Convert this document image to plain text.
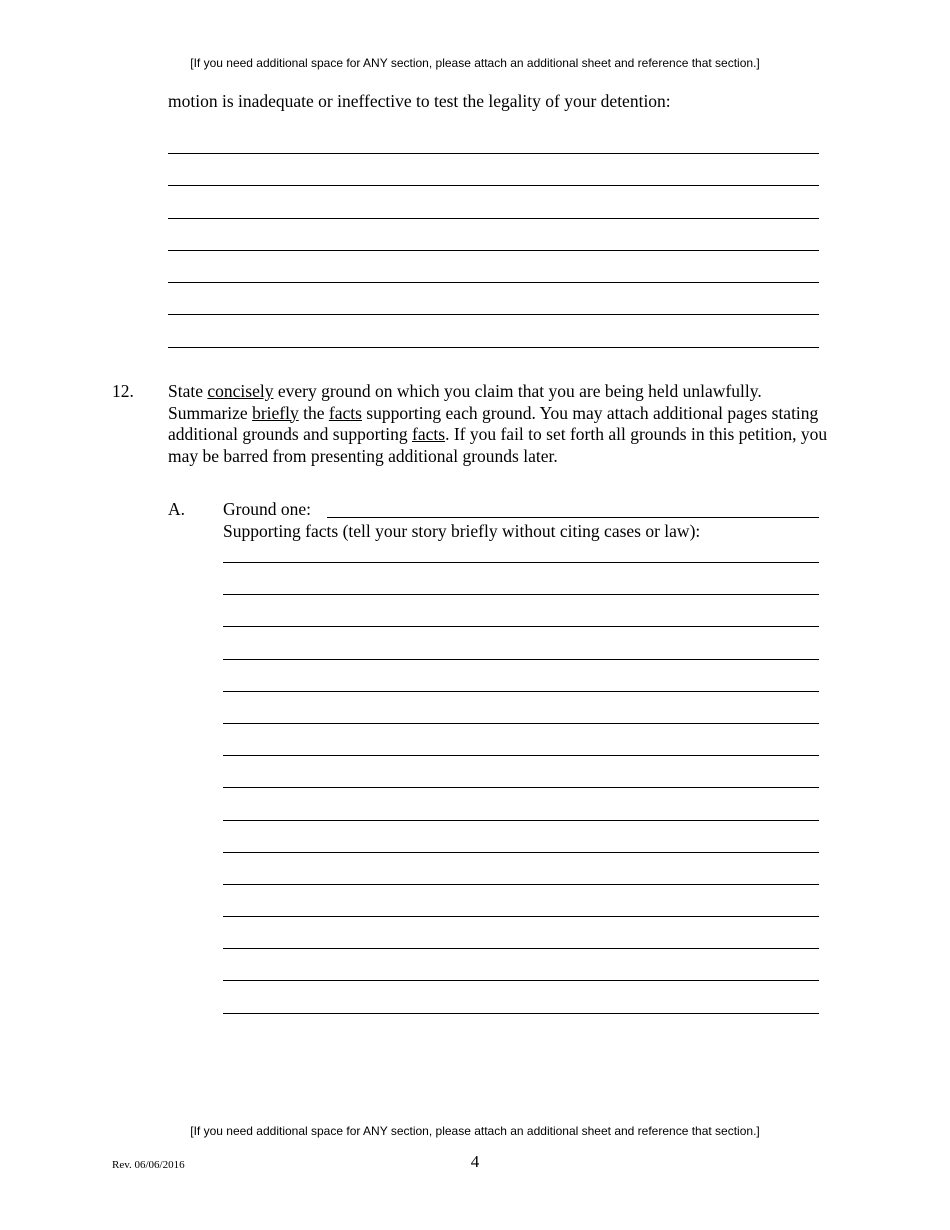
[If you need additional space for ANY section, please attach an additional sheet and reference that section.]
motion is inadequate or ineffective to test the legality of your detention:
12. State concisely every ground on which you claim that you are being held unlawfully. Summarize briefly the facts supporting each ground. You may attach additional pages stating additional grounds and supporting facts. If you fail to set forth all grounds in this petition, you may be barred from presenting additional grounds later.
A. Ground one:
Supporting facts (tell your story briefly without citing cases or law):
[If you need additional space for ANY section, please attach an additional sheet and reference that section.]
Rev. 06/06/2016	4
